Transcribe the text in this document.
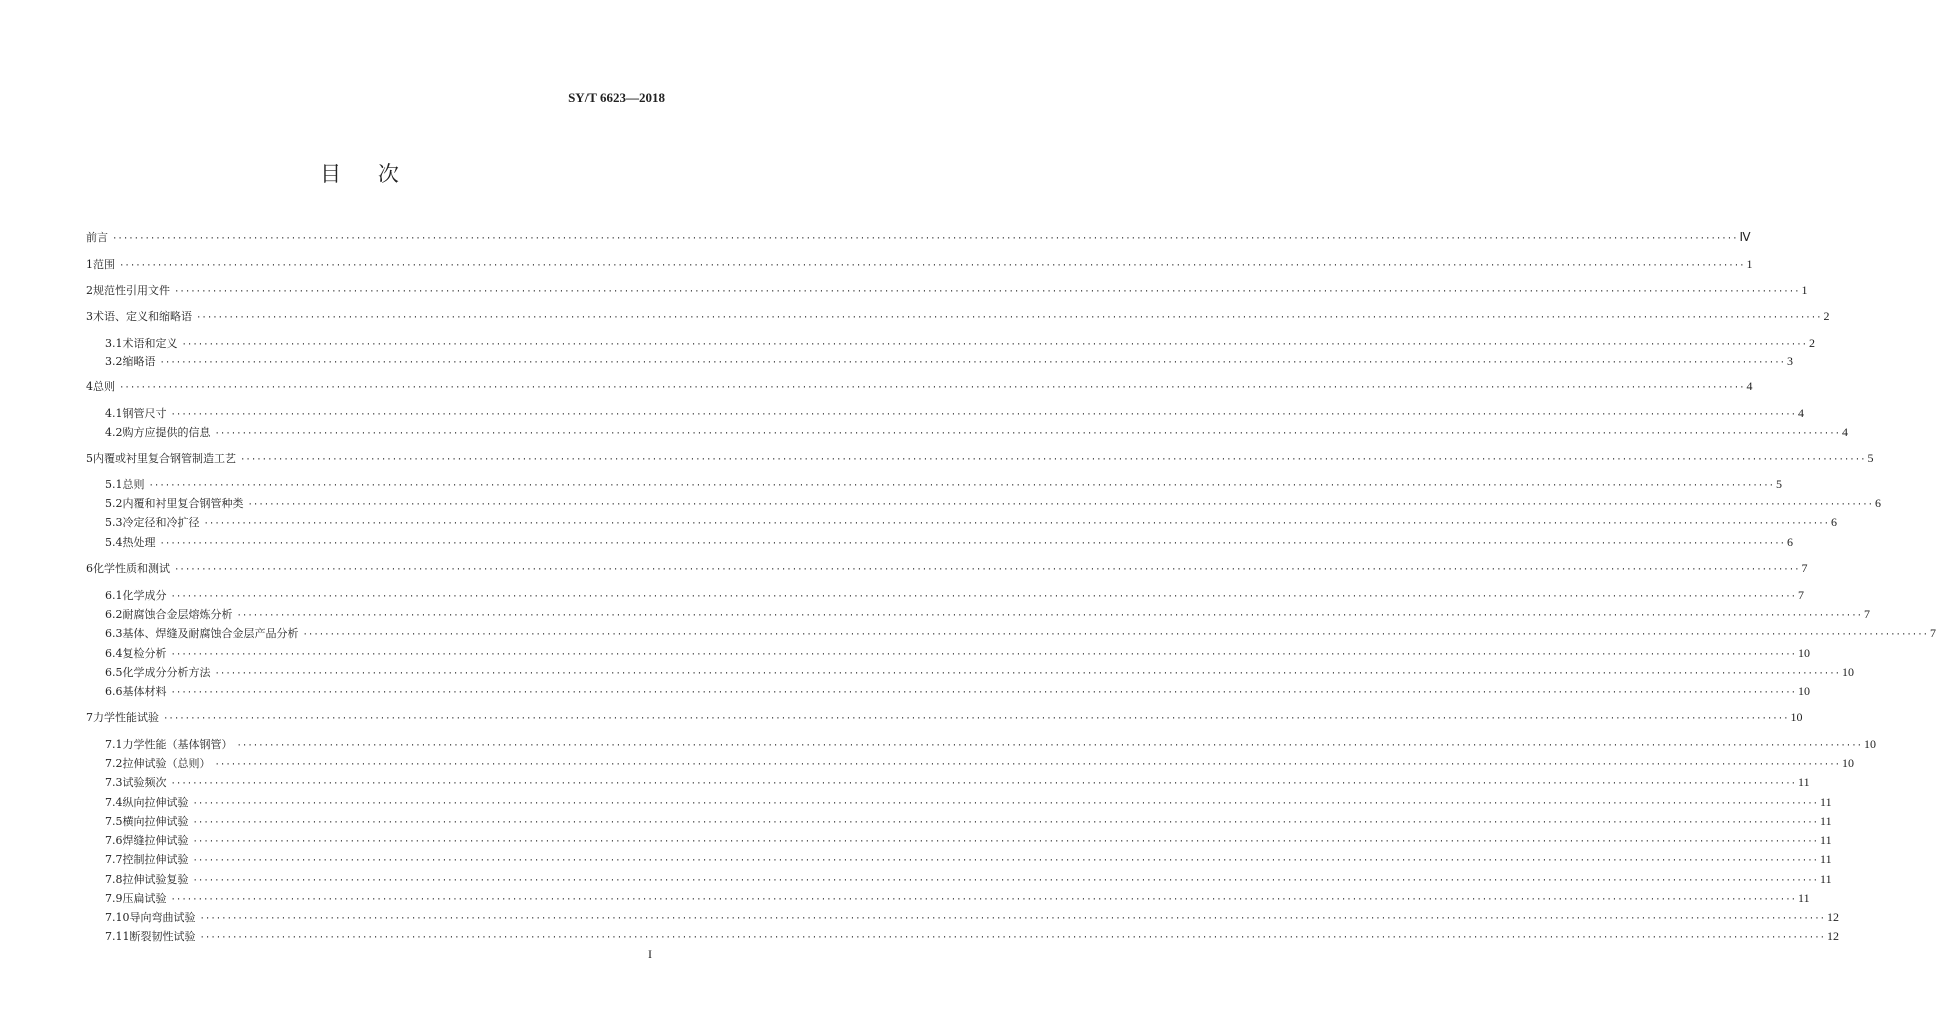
SY/T 6623—2018
目 次
前言 ············································································································································································································································································································ Ⅳ
1 范围 ············································································································································································································································································································ 1
2 规范性引用文件 ············································································································································································································································································································ 1
3 术语、定义和缩略语 ············································································································································································································································································································ 2
3.1 术语和定义 ············································································································································································································································································································ 2
3.2 缩略语 ············································································································································································································································································································ 3
4 总则 ············································································································································································································································································································ 4
4.1 钢管尺寸 ············································································································································································································································································································ 4
4.2 购方应提供的信息 ············································································································································································································································································································ 4
5 内覆或衬里复合钢管制造工艺 ············································································································································································································································································································ 5
5.1 总则 ············································································································································································································································································································ 5
5.2 内覆和衬里复合钢管种类 ············································································································································································································································································································ 6
5.3 冷定径和冷扩径 ············································································································································································································································································································ 6
5.4 热处理 ············································································································································································································································································································ 6
6 化学性质和测试 ············································································································································································································································································································ 7
6.1 化学成分 ············································································································································································································································································································ 7
6.2 耐腐蚀合金层熔炼分析 ············································································································································································································································································································ 7
6.3 基体、焊缝及耐腐蚀合金层产品分析 ············································································································································································································································································································ 7
6.4 复检分析 ············································································································································································································································································································ 10
6.5 化学成分分析方法 ············································································································································································································································································································ 10
6.6 基体材料 ············································································································································································································································································································ 10
7 力学性能试验 ············································································································································································································································································································ 10
7.1 力学性能（基体钢管） ············································································································································································································································································································ 10
7.2 拉伸试验（总则） ············································································································································································································································································································ 10
7.3 试验频次 ············································································································································································································································································································ 11
7.4 纵向拉伸试验 ············································································································································································································································································································ 11
7.5 横向拉伸试验 ············································································································································································································································································································ 11
7.6 焊缝拉伸试验 ············································································································································································································································································································ 11
7.7 控制拉伸试验 ············································································································································································································································································································ 11
7.8 拉伸试验复验 ············································································································································································································································································································ 11
7.9 压扁试验 ············································································································································································································································································································ 11
7.10 导向弯曲试验 ············································································································································································································································································································ 12
7.11 断裂韧性试验 ············································································································································································································································································································ 12
I
